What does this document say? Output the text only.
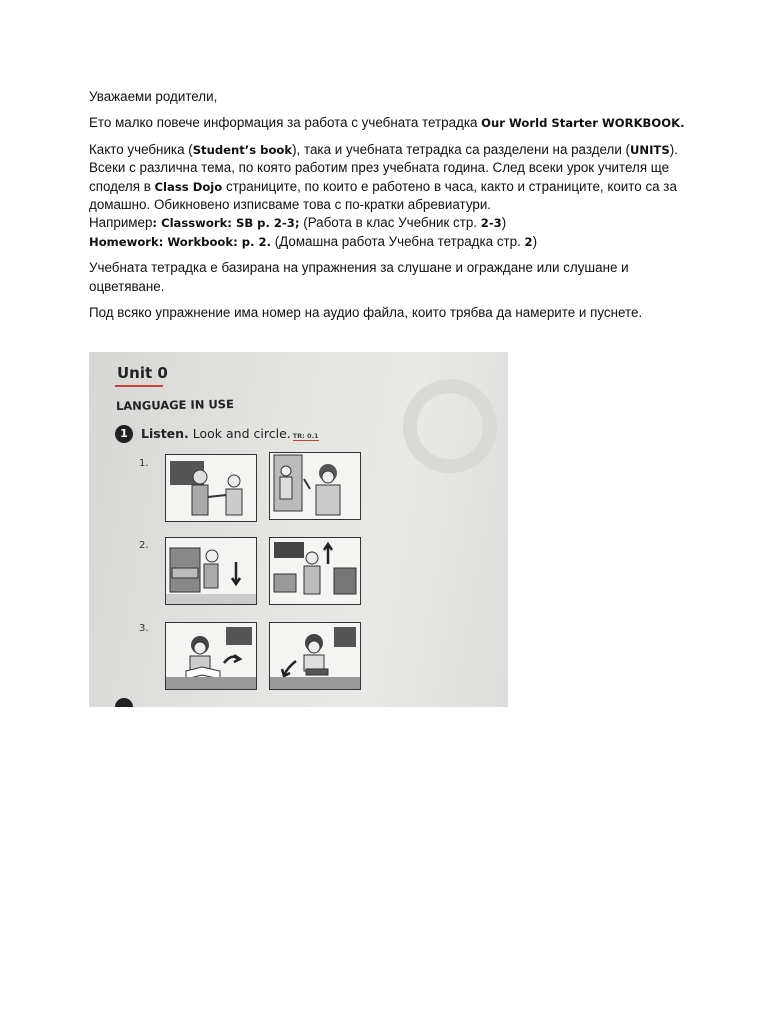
Уважаеми родители,

Ето малко повече информация за работа с учебната тетрадка Our World Starter WORKBOOK.

Както учебника (Student’s book), така и учебната тетрадка са разделени на раздели (UNITS).

Всеки с различна тема, по която работим през учебната година. След всеки урок учителя ще споделя в Class Dojo страниците, по които е работено в часа, както и страниците, които са за домашно. Обикновено изписваме това с по-кратки абревиатури.

Например: Classwork: SB p. 2-3; (Работа в клас Учебник стр. 2-3)

Homework: Workbook: p. 2. (Домашна работа Учебна тетрадка стр. 2)

Учебната тетрадка е базирана на упражнения за слушане и ограждане или слушане и оцветяване.

Под всяко упражнение има номер на аудио файла, които трябва да намерите и пуснете.

Unit 0
LANGUAGE IN USE
1	Listen. Look and circle. TR: 0.1
1.
2.
3.
